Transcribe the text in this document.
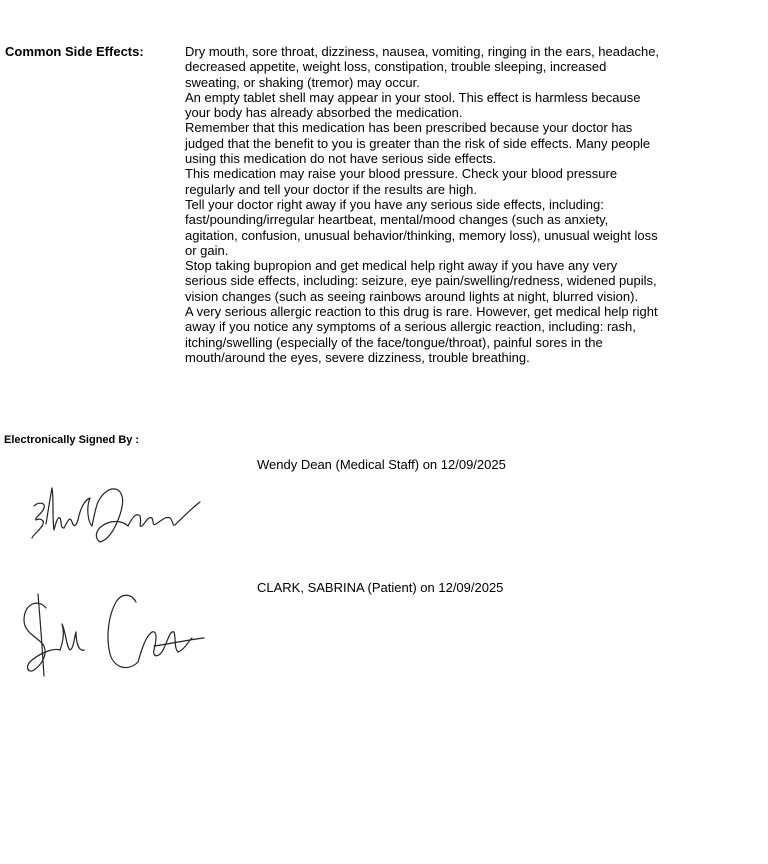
Common Side Effects:	Dry mouth, sore throat, dizziness, nausea, vomiting, ringing in the ears, headache, decreased appetite, weight loss, constipation, trouble sleeping, increased sweating, or shaking (tremor) may occur.

An empty tablet shell may appear in your stool. This effect is harmless because your body has already absorbed the medication.

Remember that this medication has been prescribed because your doctor has judged that the benefit to you is greater than the risk of side effects. Many people using this medication do not have serious side effects.

This medication may raise your blood pressure. Check your blood pressure regularly and tell your doctor if the results are high.

Tell your doctor right away if you have any serious side effects, including: fast/pounding/irregular heartbeat, mental/mood changes (such as anxiety, agitation, confusion, unusual behavior/thinking, memory loss), unusual weight loss or gain.

Stop taking bupropion and get medical help right away if you have any very serious side effects, including: seizure, eye pain/swelling/redness, widened pupils, vision changes (such as seeing rainbows around lights at night, blurred vision).

A very serious allergic reaction to this drug is rare. However, get medical help right away if you notice any symptoms of a serious allergic reaction, including: rash, itching/swelling (especially of the face/tongue/throat), painful sores in the mouth/around the eyes, severe dizziness, trouble breathing.

Electronically Signed By :
Wendy Dean (Medical Staff) on 12/09/2025
CLARK, SABRINA (Patient) on 12/09/2025
